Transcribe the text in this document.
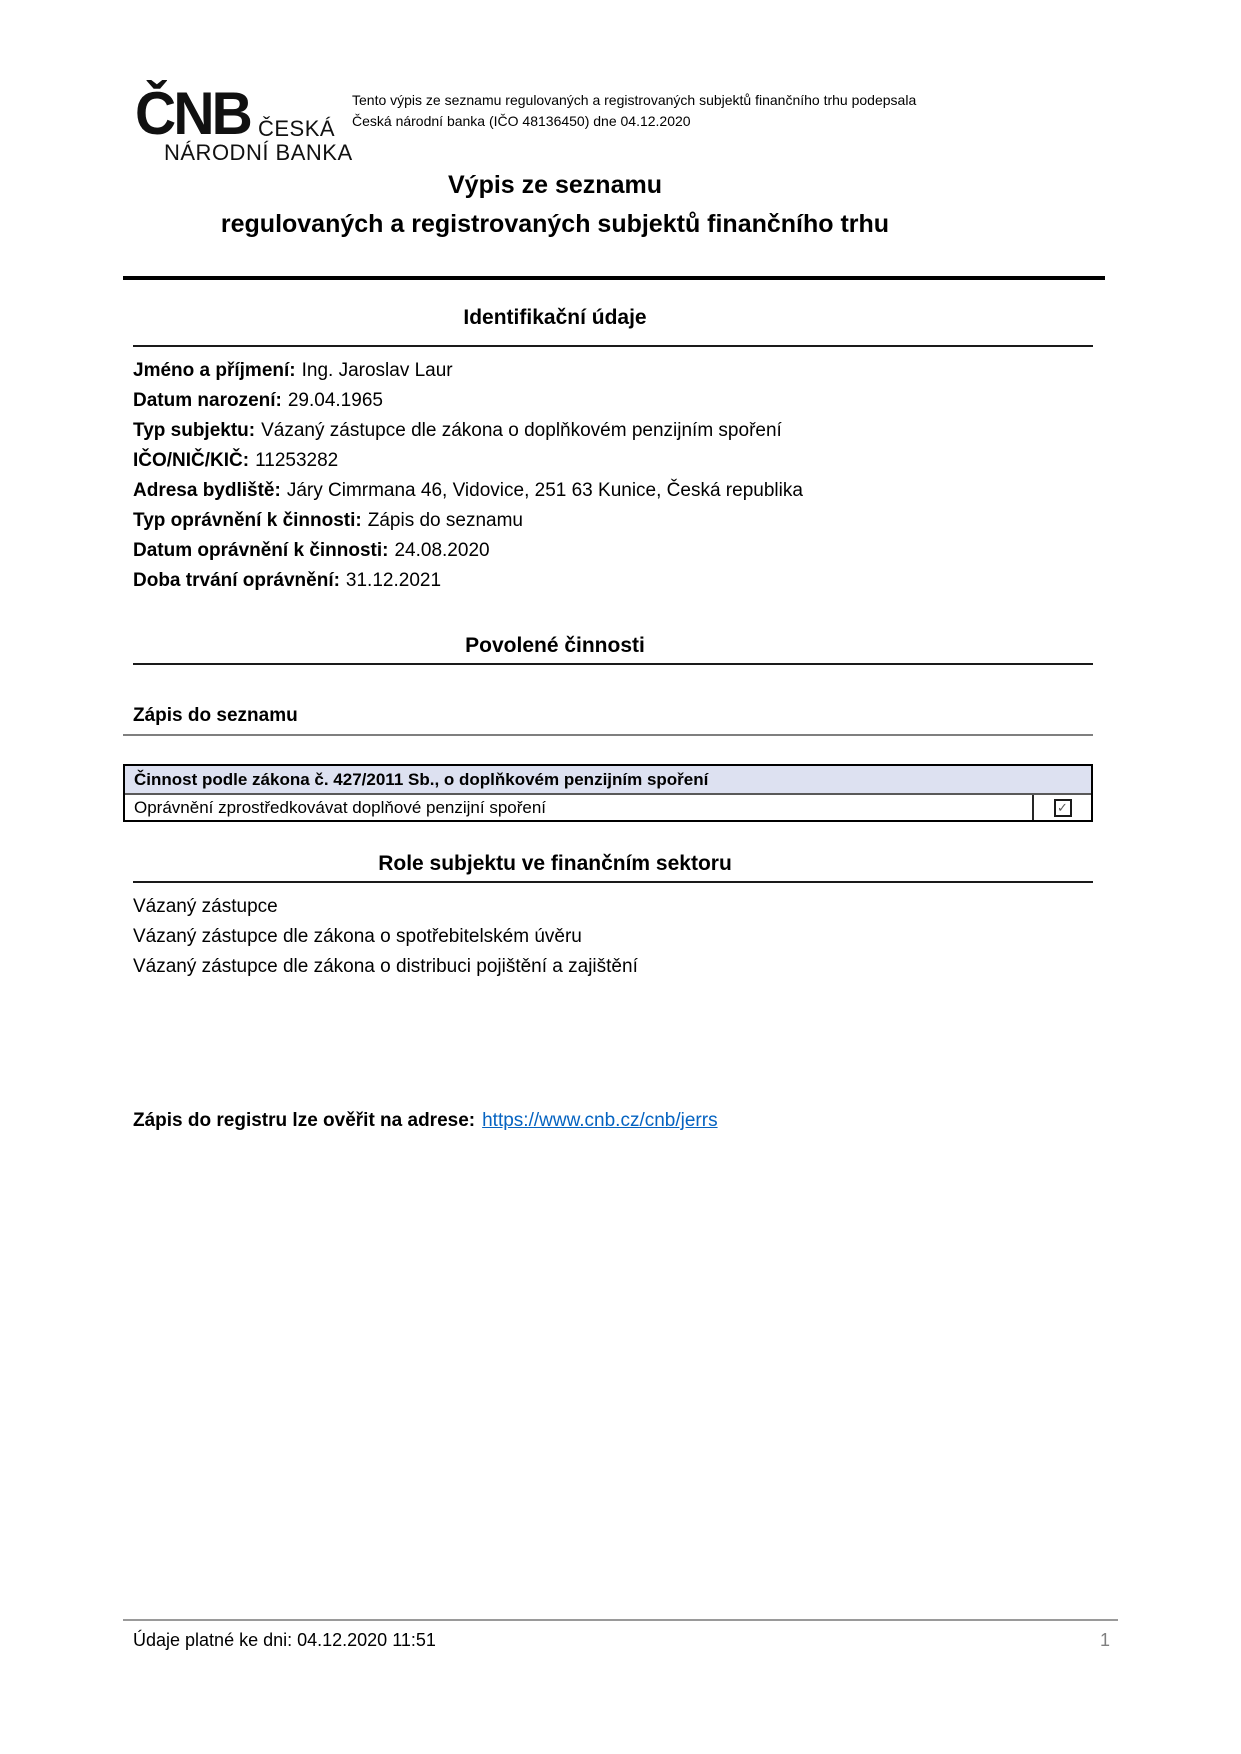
ČNB ČESKÁ
NÁRODNÍ BANKA
Tento výpis ze seznamu regulovaných a registrovaných subjektů finančního trhu podepsala
Česká národní banka (IČO 48136450) dne 04.12.2020
Výpis ze seznamu
regulovaných a registrovaných subjektů finančního trhu
Identifikační údaje
Jméno a příjmení: Ing. Jaroslav Laur
Datum narození: 29.04.1965
Typ subjektu: Vázaný zástupce dle zákona o doplňkovém penzijním spoření
IČO/NIČ/KIČ: 11253282
Adresa bydliště: Járy Cimrmana 46, Vidovice, 251 63 Kunice, Česká republika
Typ oprávnění k činnosti: Zápis do seznamu
Datum oprávnění k činnosti: 24.08.2020
Doba trvání oprávnění: 31.12.2021
Povolené činnosti
Zápis do seznamu
Činnost podle zákona č. 427/2011 Sb., o doplňkovém penzijním spoření
Oprávnění zprostředkovávat doplňové penzijní spoření	✓
Role subjektu ve finančním sektoru
Vázaný zástupce
Vázaný zástupce dle zákona o spotřebitelském úvěru
Vázaný zástupce dle zákona o distribuci pojištění a zajištění
Zápis do registru lze ověřit na adrese: https://www.cnb.cz/cnb/jerrs
Údaje platné ke dni: 04.12.2020 11:51	1
